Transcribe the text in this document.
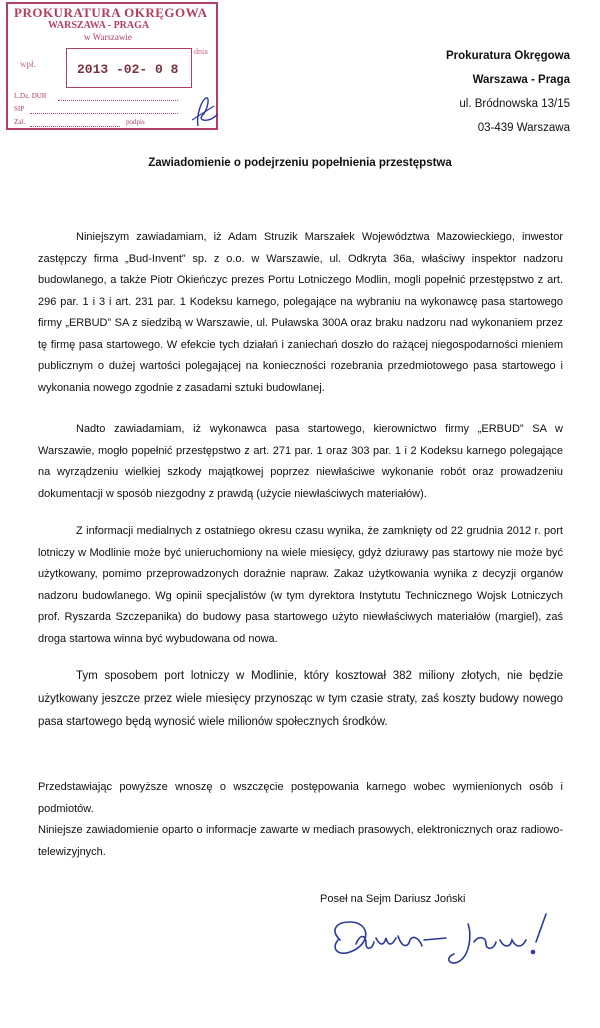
PROKURATURA OKRĘGOWA
WARSZAWA - PRAGA
w Warszawie
wpł.
dnia
2013 -02- 0 8
L.Dz. DUR
SIP
Zał.	podpis
Prokuratura Okręgowa
Warszawa - Praga
ul. Bródnowska 13/15
03-439 Warszawa
Zawiadomienie o podejrzeniu popełnienia przestępstwa

Niniejszym zawiadamiam, iż Adam Struzik Marszałek Województwa Mazowieckiego, inwestor zastępczy firma „Bud-Invent” sp. z o.o. w Warszawie, ul. Odkryta 36a, właściwy inspektor nadzoru budowlanego, a także Piotr Okieńczyc prezes Portu Lotniczego Modlin, mogli popełnić przestępstwo z art. 296 par. 1 i 3 i art. 231 par. 1 Kodeksu karnego, polegające na wybraniu na wykonawcę pasa startowego firmy „ERBUD” SA z siedzibą w Warszawie, ul. Puławska 300A oraz braku nadzoru nad wykonaniem przez tę firmę pasa startowego. W efekcie tych działań i zaniechań doszło do rażącej niegospodarności mieniem publicznym o dużej wartości polegającej na konieczności rozebrania przedmiotowego pasa startowego i wykonania nowego zgodnie z zasadami sztuki budowlanej.

Nadto zawiadamiam, iż wykonawca pasa startowego, kierownictwo firmy „ERBUD” SA w Warszawie, mogło popełnić przestępstwo z art. 271 par. 1 oraz 303 par. 1 i 2 Kodeksu karnego polegające na wyrządzeniu wielkiej szkody majątkowej poprzez niewłaściwe wykonanie robót oraz prowadzeniu dokumentacji w sposób niezgodny z prawdą (użycie niewłaściwych materiałów).

Z informacji medialnych z ostatniego okresu czasu wynika, że zamknięty od 22 grudnia 2012 r. port lotniczy w Modlinie może być unieruchomiony na wiele miesięcy, gdyż dziurawy pas startowy nie może być użytkowany, pomimo przeprowadzonych doraźnie napraw. Zakaz użytkowania wynika z decyzji organów nadzoru budowlanego. Wg opinii specjalistów (w tym dyrektora Instytutu Technicznego Wojsk Lotniczych prof. Ryszarda Szczepanika) do budowy pasa startowego użyto niewłaściwych materiałów (margiel), zaś droga startowa winna być wybudowana od nowa.

Tym sposobem port lotniczy w Modlinie, który kosztował 382 miliony złotych, nie będzie użytkowany jeszcze przez wiele miesięcy przynosząc w tym czasie straty, zaś koszty budowy nowego pasa startowego będą wynosić wiele milionów społecznych środków.

Przedstawiając powyższe wnoszę o wszczęcie postępowania karnego wobec wymienionych osób i podmiotów.

Niniejsze zawiadomienie oparto o informacje zawarte w mediach prasowych, elektronicznych oraz radiowo-telewizyjnych.

Poseł na Sejm Dariusz Joński
